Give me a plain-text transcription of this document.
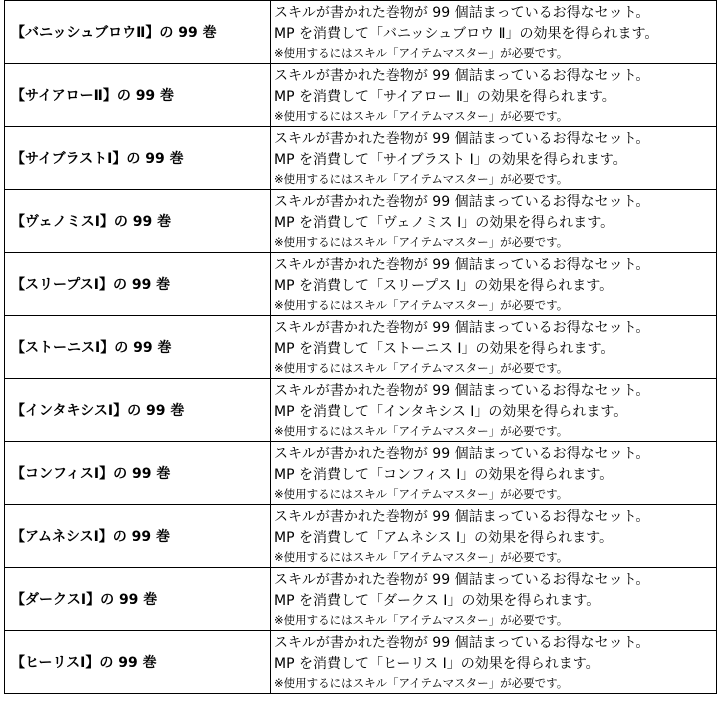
【バニッシュブロウⅡ】の 99 巻	スキルが書かれた巻物が 99 個詰まっているお得なセット。
MP を消費して「バニッシュブロウ Ⅱ」の効果を得られます。
※使用するにはスキル「アイテムマスター」が必要です。

【サイアローⅡ】の 99 巻	スキルが書かれた巻物が 99 個詰まっているお得なセット。
MP を消費して「サイアロー Ⅱ」の効果を得られます。
※使用するにはスキル「アイテムマスター」が必要です。

【サイブラストⅠ】の 99 巻	スキルが書かれた巻物が 99 個詰まっているお得なセット。
MP を消費して「サイブラスト Ⅰ」の効果を得られます。
※使用するにはスキル「アイテムマスター」が必要です。

【ヴェノミスⅠ】の 99 巻	スキルが書かれた巻物が 99 個詰まっているお得なセット。
MP を消費して「ヴェノミス Ⅰ」の効果を得られます。
※使用するにはスキル「アイテムマスター」が必要です。

【スリープスⅠ】の 99 巻	スキルが書かれた巻物が 99 個詰まっているお得なセット。
MP を消費して「スリープス Ⅰ」の効果を得られます。
※使用するにはスキル「アイテムマスター」が必要です。

【ストーニスⅠ】の 99 巻	スキルが書かれた巻物が 99 個詰まっているお得なセット。
MP を消費して「ストーニス Ⅰ」の効果を得られます。
※使用するにはスキル「アイテムマスター」が必要です。

【インタキシスⅠ】の 99 巻	スキルが書かれた巻物が 99 個詰まっているお得なセット。
MP を消費して「インタキシス Ⅰ」の効果を得られます。
※使用するにはスキル「アイテムマスター」が必要です。

【コンフィスⅠ】の 99 巻	スキルが書かれた巻物が 99 個詰まっているお得なセット。
MP を消費して「コンフィス Ⅰ」の効果を得られます。
※使用するにはスキル「アイテムマスター」が必要です。

【アムネシスⅠ】の 99 巻	スキルが書かれた巻物が 99 個詰まっているお得なセット。
MP を消費して「アムネシス Ⅰ」の効果を得られます。
※使用するにはスキル「アイテムマスター」が必要です。

【ダークスⅠ】の 99 巻	スキルが書かれた巻物が 99 個詰まっているお得なセット。
MP を消費して「ダークス Ⅰ」の効果を得られます。
※使用するにはスキル「アイテムマスター」が必要です。

【ヒーリスⅠ】の 99 巻	スキルが書かれた巻物が 99 個詰まっているお得なセット。
MP を消費して「ヒーリス Ⅰ」の効果を得られます。
※使用するにはスキル「アイテムマスター」が必要です。
